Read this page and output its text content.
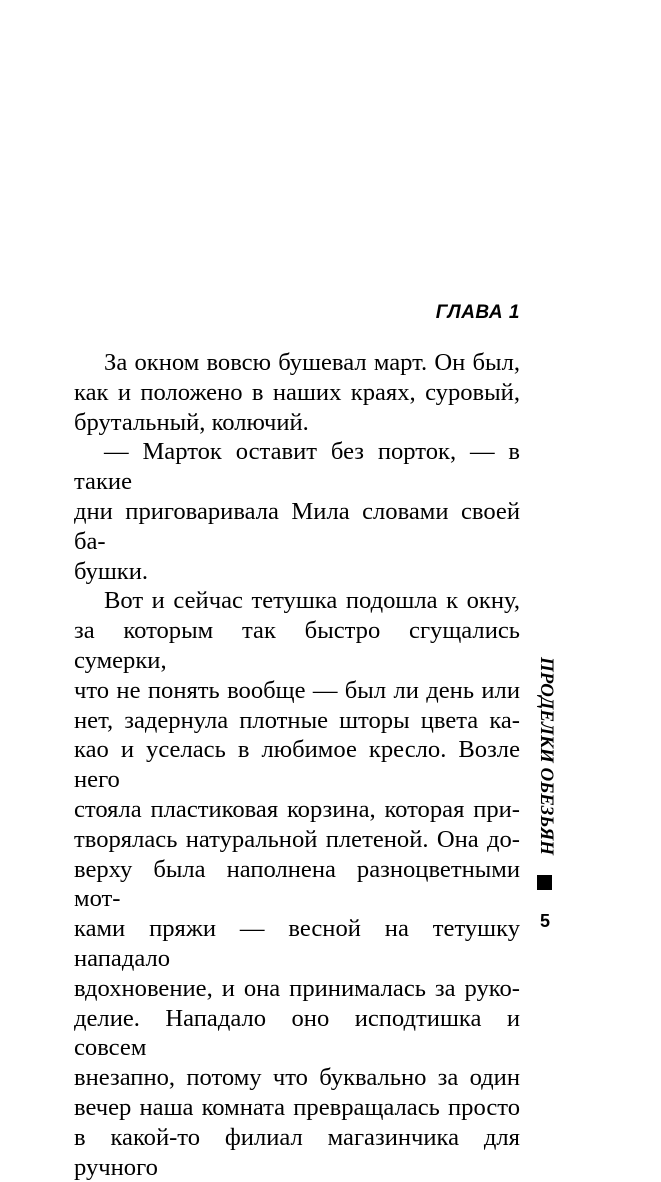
ГЛАВА 1
За окном вовсю бушевал март. Он был,
как и положено в наших краях, суровый,
брутальный, колючий.
— Марток оставит без порток, — в такие
дни приговаривала Мила словами своей ба-
бушки.
Вот и сейчас тетушка подошла к окну,
за которым так быстро сгущались сумерки,
что не понять вообще — был ли день или
нет, задернула плотные шторы цвета ка-
као и уселась в любимое кресло. Возле него
стояла пластиковая корзина, которая при-
творялась натуральной плетеной. Она до-
верху была наполнена разноцветными мот-
ками пряжи — весной на тетушку нападало
вдохновение, и она принималась за руко-
делие. Нападало оно исподтишка и совсем
внезапно, потому что буквально за один
вечер наша комната превращалась просто
в какой-то филиал магазинчика для ручного
ПРОДЕЛКИ ОБЕЗЬЯН
5
